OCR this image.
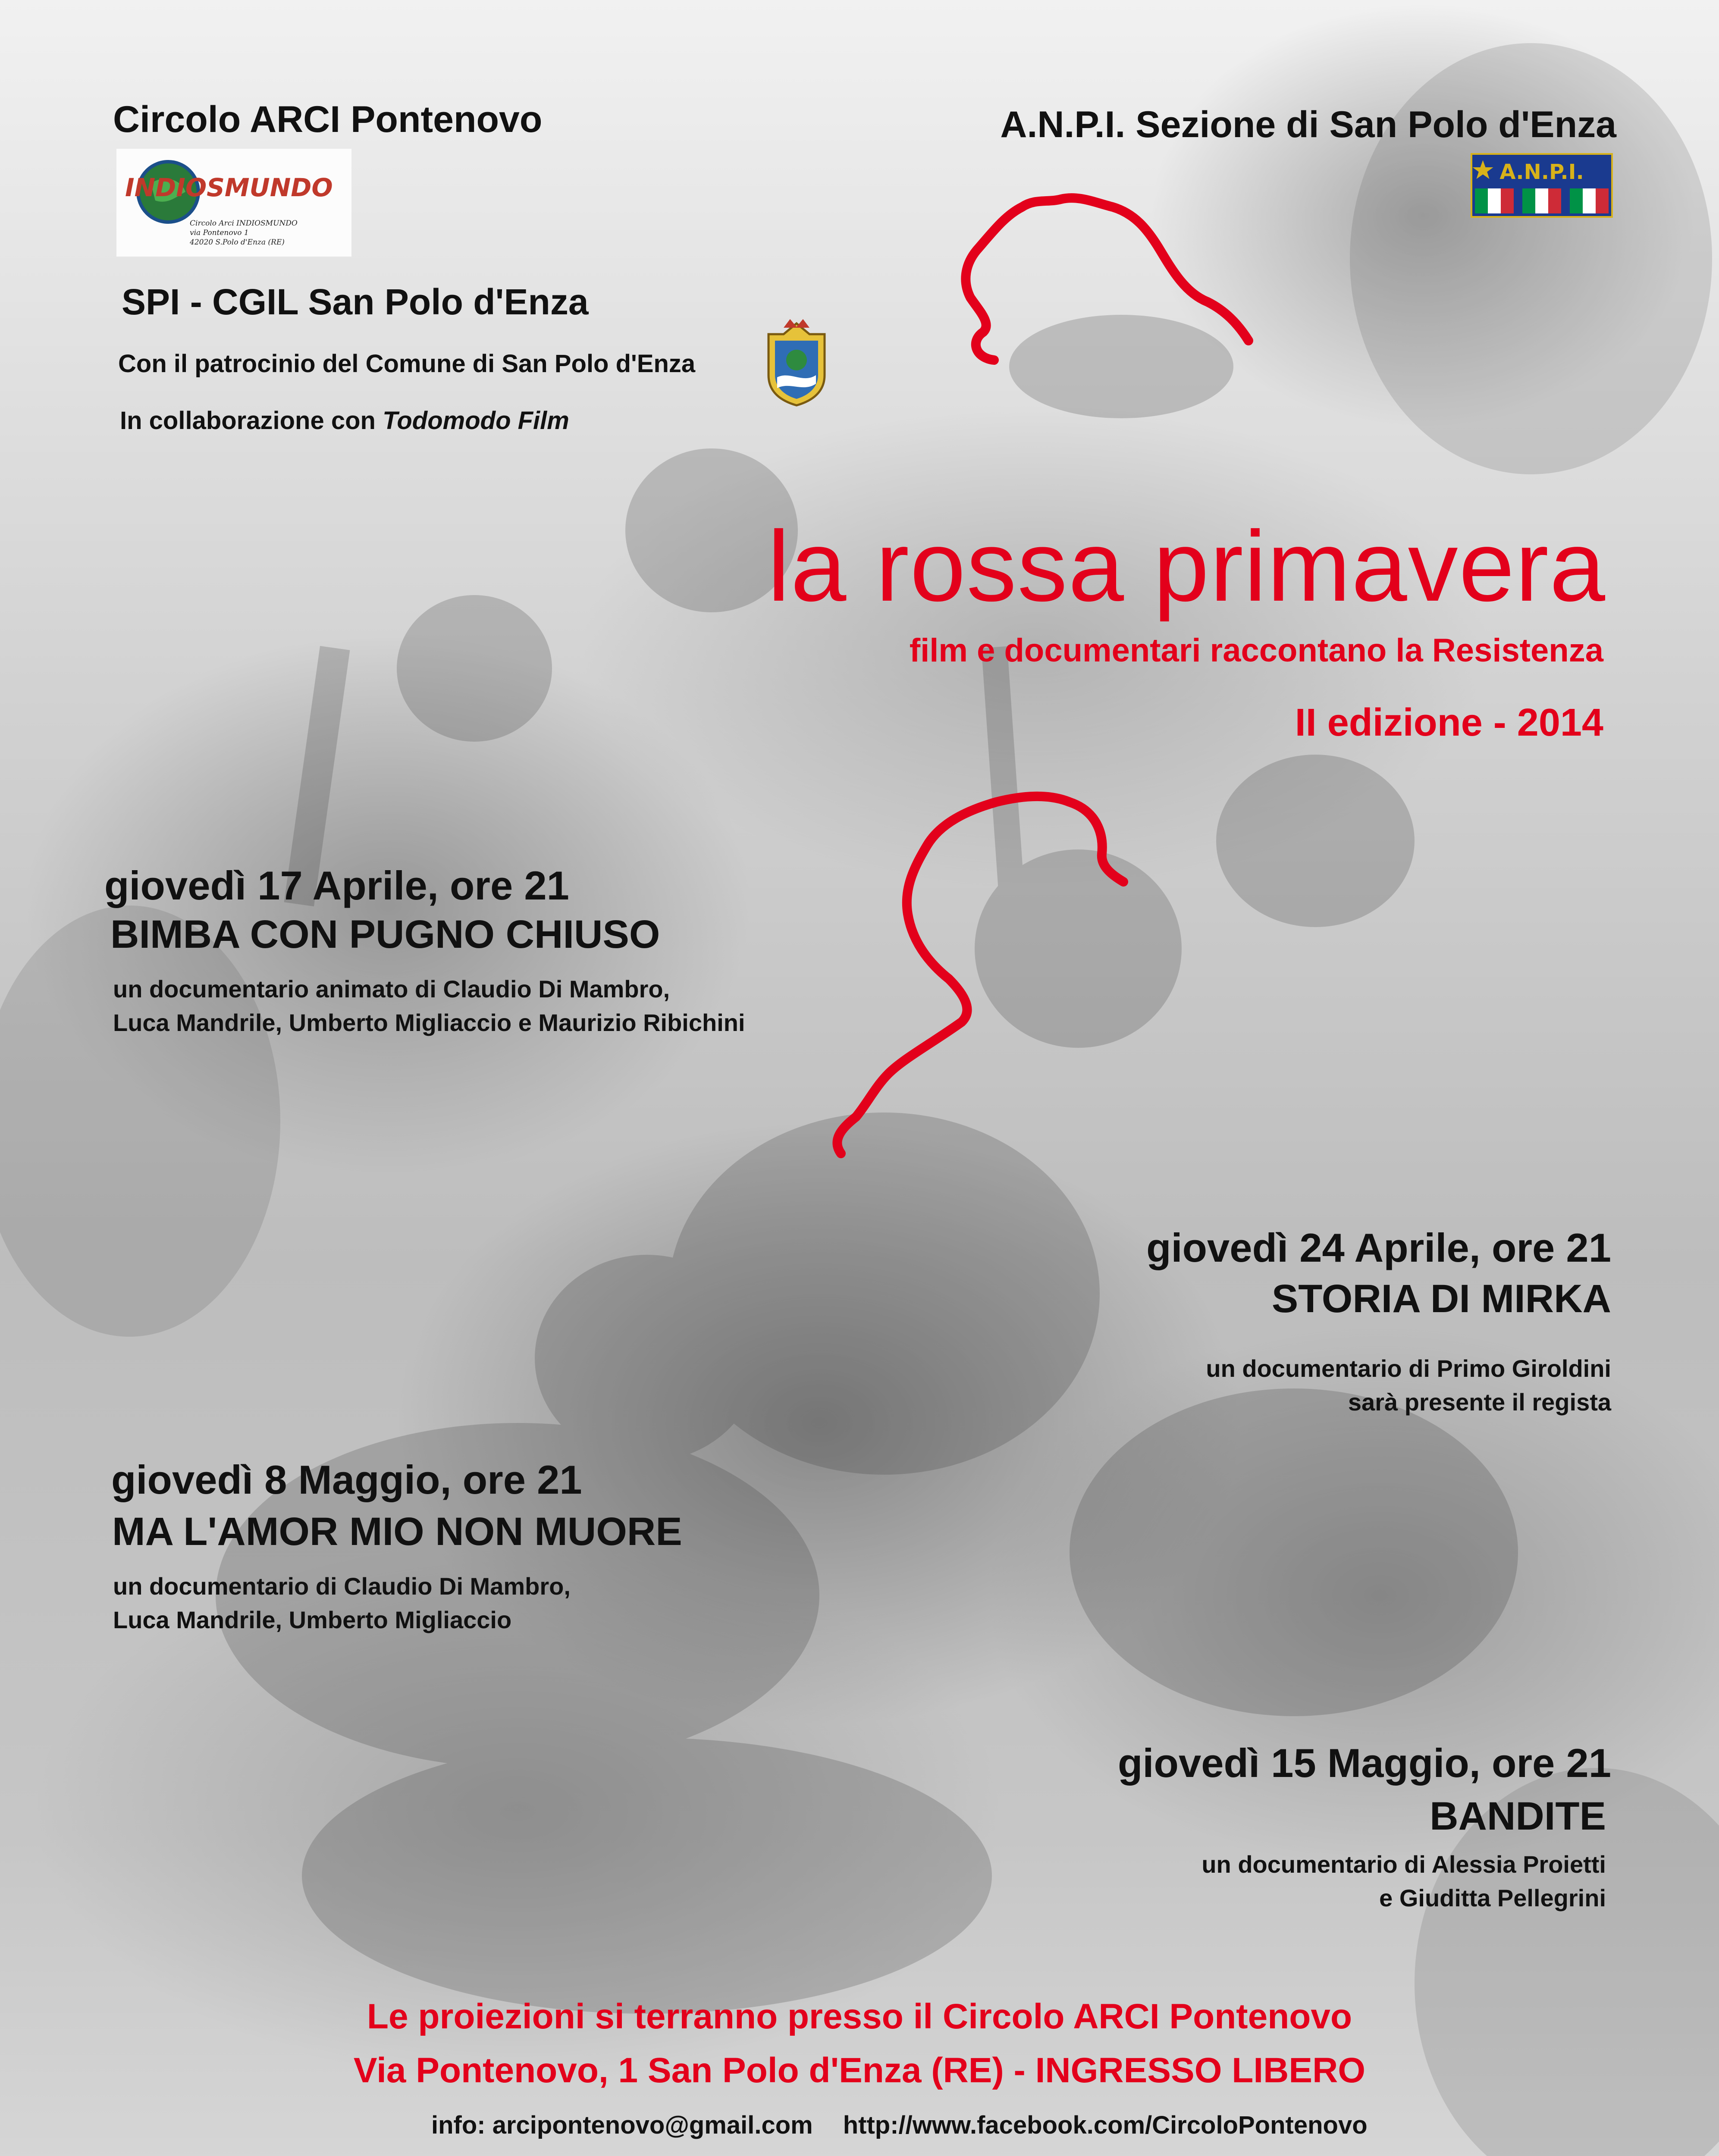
Circolo ARCI Pontenovo	A.N.P.I. Sezione di San Polo d'Enza
INDIOSMUNDO
Circolo Arci INDIOSMUNDO
via Pontenovo 1
42020 S.Polo d'Enza (RE)
A.N.P.I.
SPI - CGIL San Polo d'Enza
Con il patrocinio del Comune di San Polo d'Enza
In collaborazione con Todomodo Film
la rossa primavera
film e documentari raccontano la Resistenza
II edizione - 2014
giovedì 17 Aprile, ore 21
BIMBA CON PUGNO CHIUSO
un documentario animato di Claudio Di Mambro,
Luca Mandrile, Umberto Migliaccio e Maurizio Ribichini
giovedì 24 Aprile, ore 21
STORIA DI MIRKA
un documentario di Primo Giroldini
sarà presente il regista
giovedì 8 Maggio, ore 21
MA L'AMOR MIO NON MUORE
un documentario di Claudio Di Mambro,
Luca Mandrile, Umberto Migliaccio
giovedì 15 Maggio, ore 21
BANDITE
un documentario di Alessia Proietti
e Giuditta Pellegrini
Le proiezioni si terranno presso il Circolo ARCI Pontenovo
Via Pontenovo, 1 San Polo d'Enza (RE) - INGRESSO LIBERO
info: arcipontenovo@gmail.com http://www.facebook.com/CircoloPontenovo
